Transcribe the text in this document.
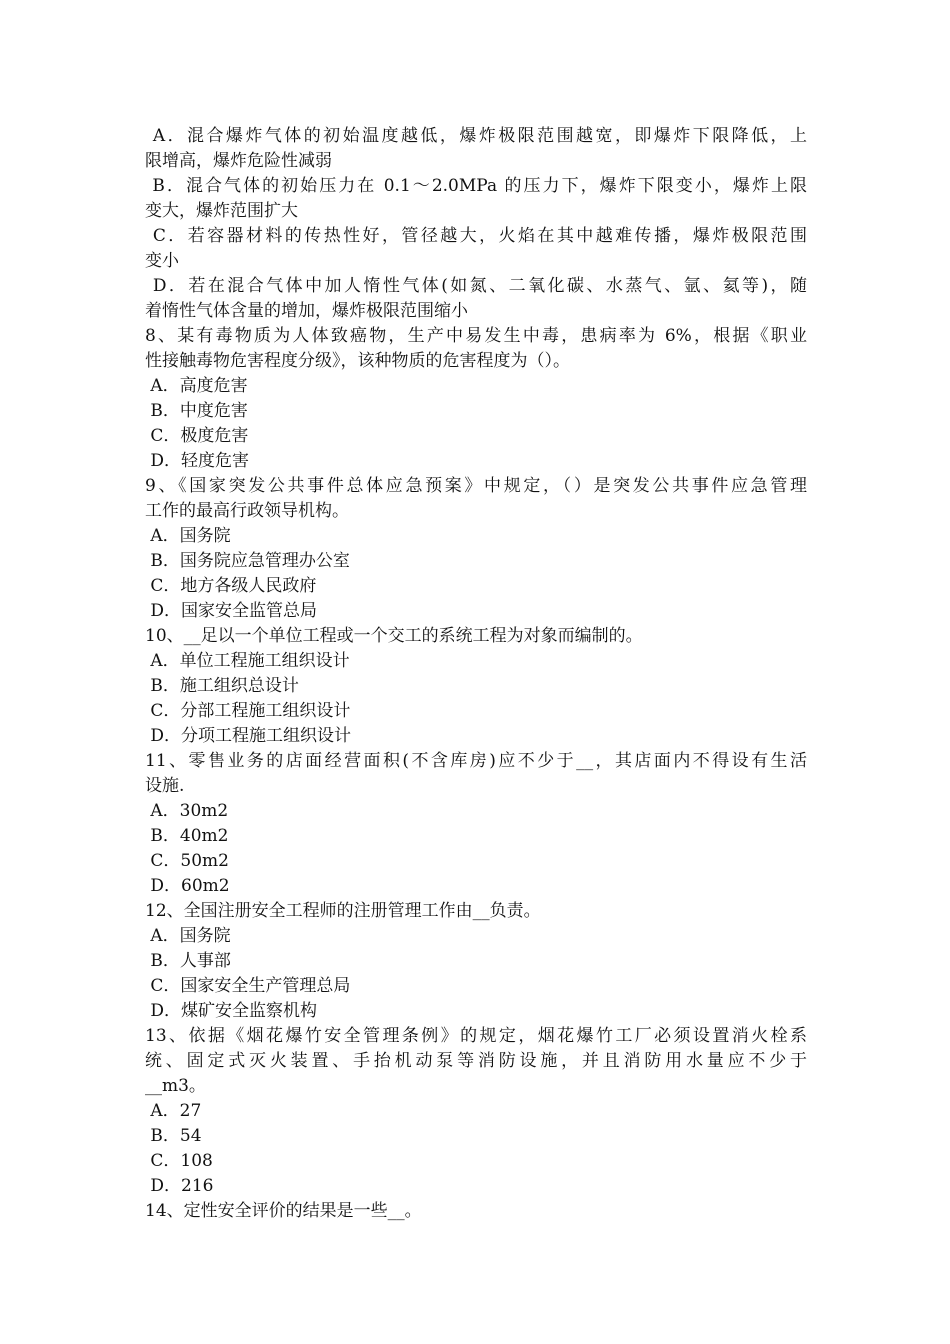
A．混合爆炸气体的初始温度越低，爆炸极限范围越宽，即爆炸下限降低，上
限增高，爆炸危险性减弱
B．混合气体的初始压力在 0.1～2.0MPa 的压力下，爆炸下限变小，爆炸上限
变大，爆炸范围扩大
C．若容器材料的传热性好，管径越大，火焰在其中越难传播，爆炸极限范围
变小
D．若在混合气体中加人惰性气体(如氮、二氧化碳、水蒸气、氩、氦等)，随
着惰性气体含量的增加，爆炸极限范围缩小
8、某有毒物质为人体致癌物，生产中易发生中毒，患病率为 6%，根据《职业
性接触毒物危害程度分级》，该种物质的危害程度为（）。
A．高度危害
B．中度危害
C．极度危害
D．轻度危害
9、《国家突发公共事件总体应急预案》中规定，（）是突发公共事件应急管理
工作的最高行政领导机构。
A．国务院
B．国务院应急管理办公室
C．地方各级人民政府
D．国家安全监管总局
10、__足以一个单位工程或一个交工的系统工程为对象而编制的。
A．单位工程施工组织设计
B．施工组织总设计
C．分部工程施工组织设计
D．分项工程施工组织设计
11、零售业务的店面经营面积(不含库房)应不少于__，其店面内不得设有生活
设施.
A．30m2
B．40m2
C．50m2
D．60m2
12、全国注册安全工程师的注册管理工作由__负责。
A．国务院
B．人事部
C．国家安全生产管理总局
D．煤矿安全监察机构
13、依据《烟花爆竹安全管理条例》的规定，烟花爆竹工厂必须设置消火栓系
统、固定式灭火装置、手抬机动泵等消防设施，并且消防用水量应不少于
__m3。
A．27
B．54
C．108
D．216
14、定性安全评价的结果是一些__。
